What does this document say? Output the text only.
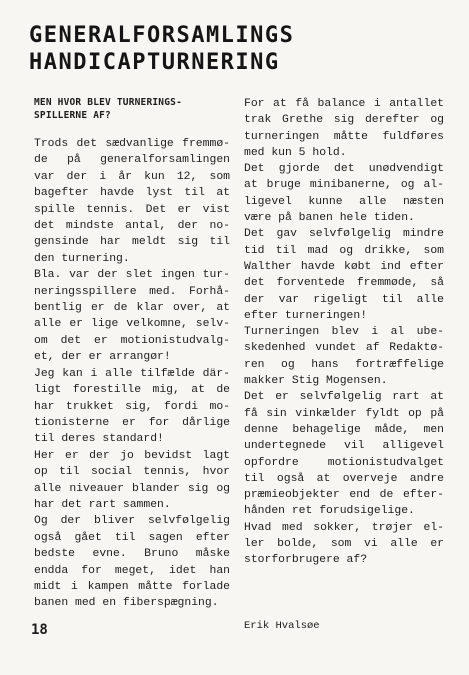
GENERALFORSAMLINGS
HANDICAPTURNERING
MEN HVOR BLEV TURNERINGS-
SPILLERNE AF?
Trods det sædvanlige fremmø-
de på generalforsamlingen
var der i år kun 12, som
bagefter havde lyst til at
spille tennis. Det er vist
det mindste antal, der no-
gensinde har meldt sig til
den turnering.
Bla. var der slet ingen tur-
neringsspillere med. Forhå-
bentlig er de klar over, at
alle er lige velkomne, selv-
om det er motionistudvalg-
et, der er arrangør!
Jeg kan i alle tilfælde där-
ligt forestille mig, at de
har trukket sig, fordi mo-
tionisterne er for dårlige
til deres standard!
Her er der jo bevidst lagt
op til social tennis, hvor
alle niveauer blander sig og
har det rart sammen.
Og der bliver selvfølgelig
også gået til sagen efter
bedste evne. Bruno måske
endda for meget, idet han
midt i kampen måtte forlade
banen med en fiberspægning.
For at få balance i antallet
trak Grethe sig derefter og
turneringen måtte fuldføres
med kun 5 hold.
Det gjorde det unødvendigt
at bruge minibanerne, og al-
ligevel kunne alle næsten
være på banen hele tiden.
Det gav selvfølgelig mindre
tid til mad og drikke, som
Walther havde købt ind efter
det forventede fremmøde, så
der var rigeligt til alle
efter turneringen!
Turneringen blev i al ube-
skedenhed vundet af Redaktø-
ren og hans fortræffelige
makker Stig Mogensen.
Det er selvfølgelig rart at
få sin vinkælder fyldt op på
denne behagelige måde, men
undertegnede vil alligevel
opfordre motionistudvalget
til også at overveje andre
præmieobjekter end de efter-
hånden ret forudsigelige.
Hvad med sokker, trøjer el-
ler bolde, som vi alle er
storforbrugere af?
Erik Hvalsøe
18
